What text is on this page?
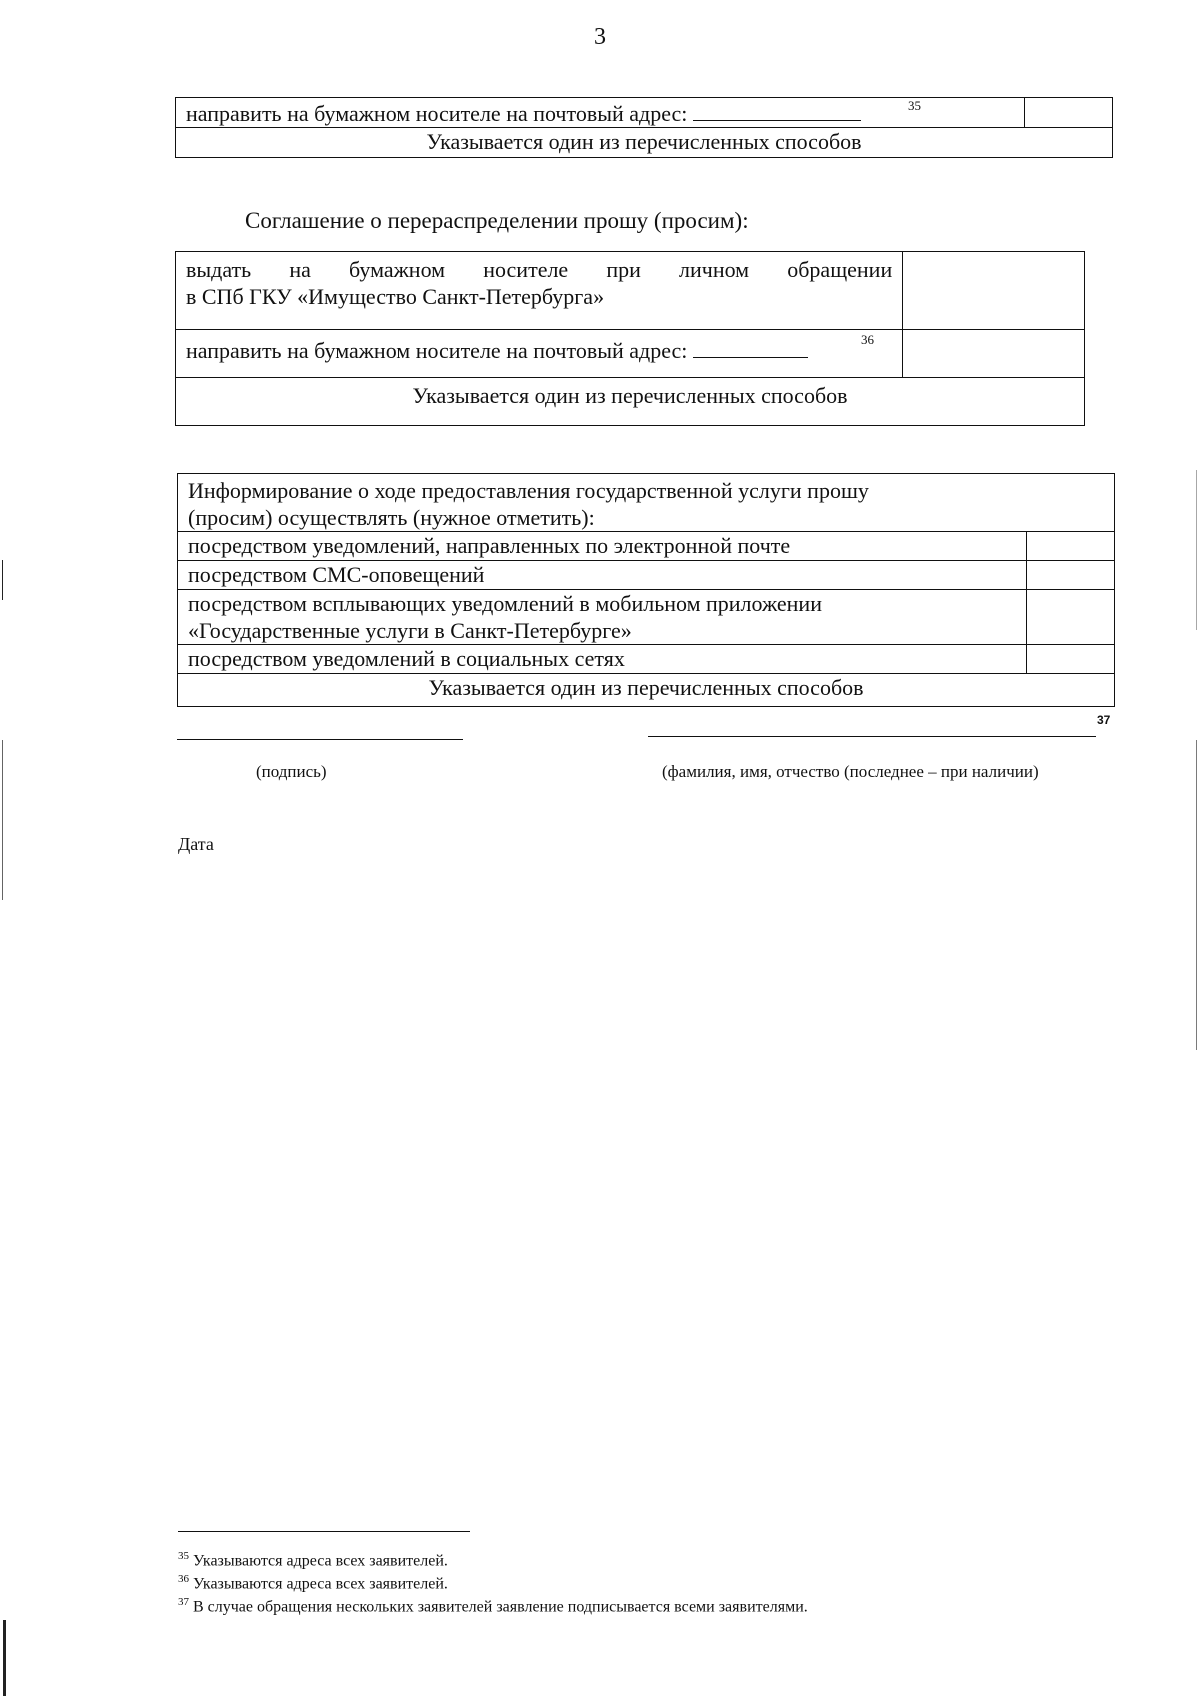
3
направить на бумажном носителе на почтовый адрес:	35

Указывается один из перечисленных способов
Соглашение о перераспределении прошу (просим):
выдать на бумажном носителе при личном обращении
в СПб ГКУ «Имущество Санкт-Петербурга»	

направить на бумажном носителе на почтовый адрес: 36	

Указывается один из перечисленных способов	
Информирование о ходе предоставления государственной услуги прошу
(просим) осуществлять (нужное отметить):	

посредством уведомлений, направленных по электронной почте	
посредством СМС-оповещений	

посредством всплывающих уведомлений в мобильном приложении
«Государственные услуги в Санкт-Петербурге»	

посредством уведомлений в социальных сетях	
Указывается один из перечисленных способов	
37
(подпись)	(фамилия, имя, отчество (последнее – при наличии)
Дата
$^{35}$ Указываются адреса всех заявителей.
$^{36}$ Указываются адреса всех заявителей.
$^{37}$ В случае обращения нескольких заявителей заявление подписывается всеми заявителями.
